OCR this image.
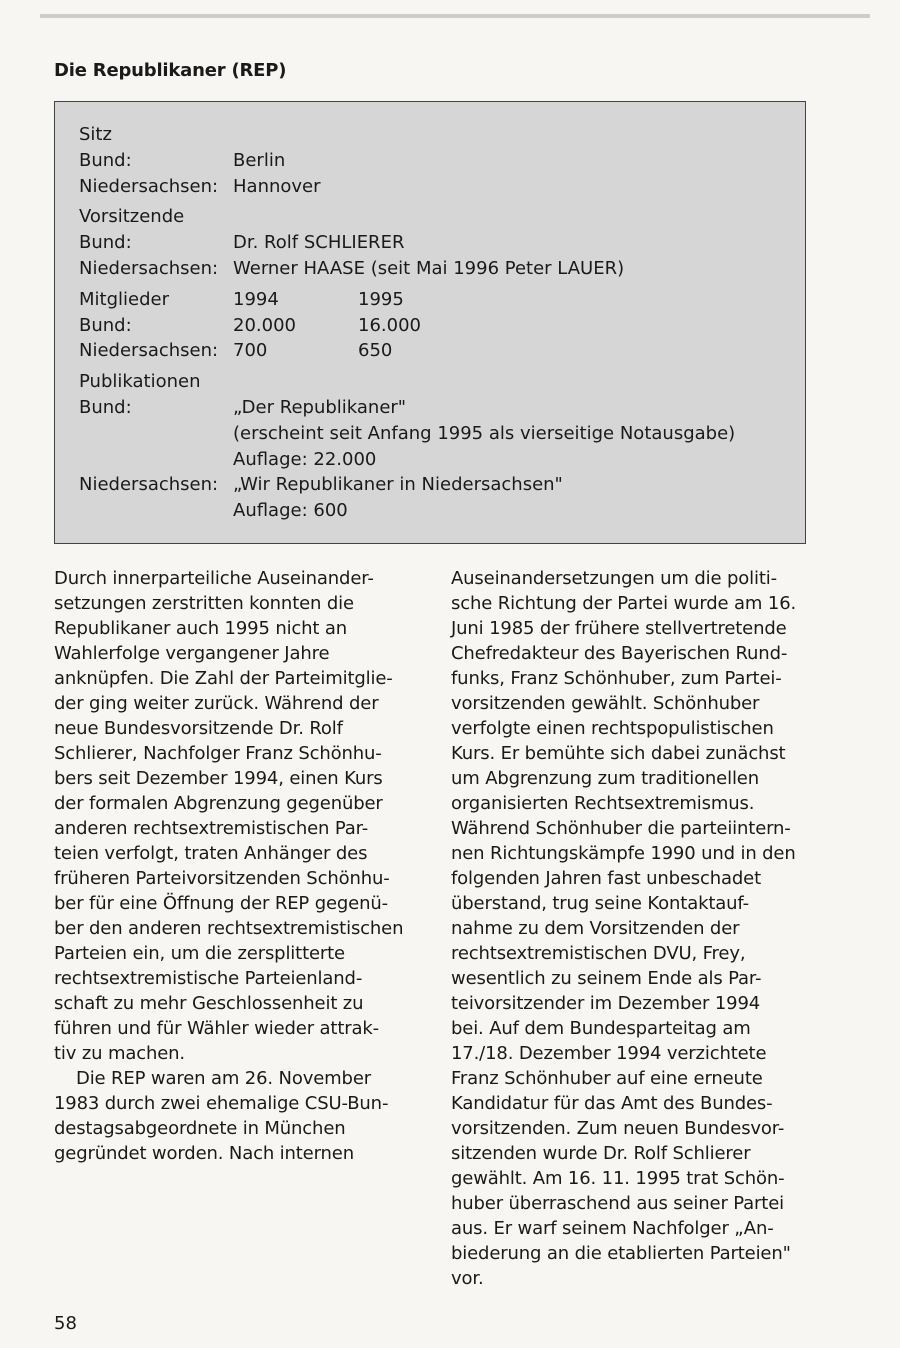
Die Republikaner (REP)
Sitz
Bund:	Berlin
Niedersachsen: Hannover
Vorsitzende
Bund:	Dr. Rolf SCHLIERER
Niedersachsen: Werner HAASE (seit Mai 1996 Peter LAUER)
Mitglieder	1994	1995
Bund:	20.000	16.000
Niedersachsen: 700	650
Publikationen
Bund:	„Der Republikaner"
(erscheint seit Anfang 1995 als vierseitige Notausgabe)
Auflage: 22.000
Niedersachsen: „Wir Republikaner in Niedersachsen"
Auflage: 600

Durch innerparteiliche Auseinander-
setzungen zerstritten konnten die
Republikaner auch 1995 nicht an
Wahlerfolge vergangener Jahre
anknüpfen. Die Zahl der Parteimitglie-
der ging weiter zurück. Während der
neue Bundesvorsitzende Dr. Rolf
Schlierer, Nachfolger Franz Schönhu-
bers seit Dezember 1994, einen Kurs
der formalen Abgrenzung gegenüber
anderen rechtsextremistischen Par-
teien verfolgt, traten Anhänger des
früheren Parteivorsitzenden Schönhu-
ber für eine Öffnung der REP gegenü-
ber den anderen rechtsextremistischen
Parteien ein, um die zersplitterte
rechtsextremistische Parteienland-
schaft zu mehr Geschlossenheit zu
führen und für Wähler wieder attrak-
tiv zu machen.

Die REP waren am 26. November
1983 durch zwei ehemalige CSU-Bun-
destagsabgeordnete in München
gegründet worden. Nach internen

Auseinandersetzungen um die politi-
sche Richtung der Partei wurde am 16.
Juni 1985 der frühere stellvertretende
Chefredakteur des Bayerischen Rund-
funks, Franz Schönhuber, zum Partei-
vorsitzenden gewählt. Schönhuber
verfolgte einen rechtspopulistischen
Kurs. Er bemühte sich dabei zunächst
um Abgrenzung zum traditionellen
organisierten Rechtsextremismus.
Während Schönhuber die parteiintern-
nen Richtungskämpfe 1990 und in den
folgenden Jahren fast unbeschadet
überstand, trug seine Kontaktauf-
nahme zu dem Vorsitzenden der
rechtsextremistischen DVU, Frey,
wesentlich zu seinem Ende als Par-
teivorsitzender im Dezember 1994
bei. Auf dem Bundesparteitag am
17./18. Dezember 1994 verzichtete
Franz Schönhuber auf eine erneute
Kandidatur für das Amt des Bundes-
vorsitzenden. Zum neuen Bundesvor-
sitzenden wurde Dr. Rolf Schlierer
gewählt. Am 16. 11. 1995 trat Schön-
huber überraschend aus seiner Partei
aus. Er warf seinem Nachfolger „An-
biederung an die etablierten Parteien"
vor.

58
